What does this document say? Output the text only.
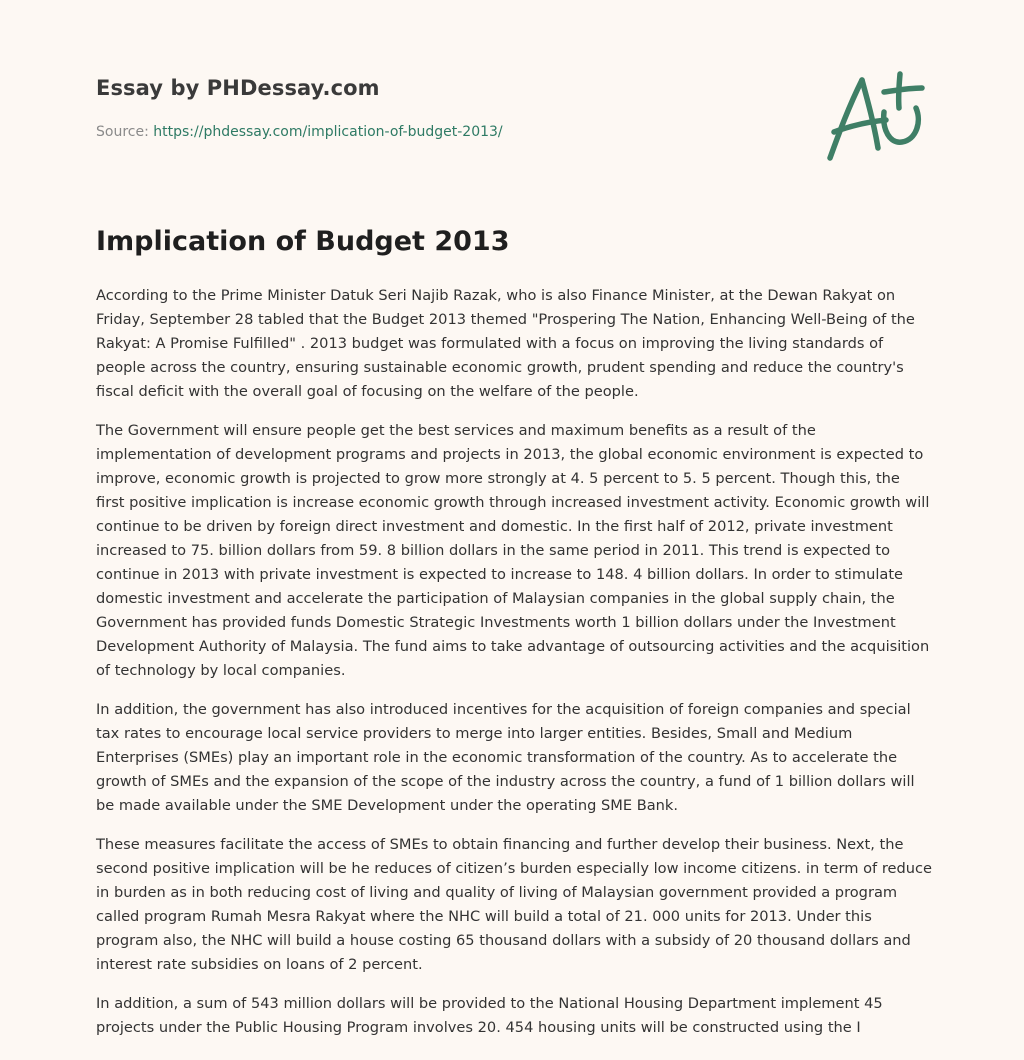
Essay by PHDessay.com
Source: https://phdessay.com/implication-of-budget-2013/
Implication of Budget 2013

According to the Prime Minister Datuk Seri Najib Razak, who is also Finance Minister, at the Dewan Rakyat on Friday, September 28 tabled that the Budget 2013 themed "Prospering The Nation, Enhancing Well-Being of the Rakyat: A Promise Fulfilled" . 2013 budget was formulated with a focus on improving the living standards of people across the country, ensuring sustainable economic growth, prudent spending and reduce the country's fiscal deficit with the overall goal of focusing on the welfare of the people.

The Government will ensure people get the best services and maximum benefits as a result of the implementation of development programs and projects in 2013, the global economic environment is expected to improve, economic growth is projected to grow more strongly at 4. 5 percent to 5. 5 percent. Though this, the first positive implication is increase economic growth through increased investment activity. Economic growth will continue to be driven by foreign direct investment and domestic. In the first half of 2012, private investment increased to 75. billion dollars from 59. 8 billion dollars in the same period in 2011. This trend is expected to continue in 2013 with private investment is expected to increase to 148. 4 billion dollars. In order to stimulate domestic investment and accelerate the participation of Malaysian companies in the global supply chain, the Government has provided funds Domestic Strategic Investments worth 1 billion dollars under the Investment Development Authority of Malaysia. The fund aims to take advantage of outsourcing activities and the acquisition of technology by local companies.

In addition, the government has also introduced incentives for the acquisition of foreign companies and special tax rates to encourage local service providers to merge into larger entities. Besides, Small and Medium Enterprises (SMEs) play an important role in the economic transformation of the country. As to accelerate the growth of SMEs and the expansion of the scope of the industry across the country, a fund of 1 billion dollars will be made available under the SME Development under the operating SME Bank.

These measures facilitate the access of SMEs to obtain financing and further develop their business. Next, the second positive implication will be he reduces of citizen’s burden especially low income citizens. in term of reduce in burden as in both reducing cost of living and quality of living of Malaysian government provided a program called program Rumah Mesra Rakyat where the NHC will build a total of 21. 000 units for 2013. Under this program also, the NHC will build a house costing 65 thousand dollars with a subsidy of 20 thousand dollars and interest rate subsidies on loans of 2 percent.

In addition, a sum of 543 million dollars will be provided to the National Housing Department implement 45 projects under the Public Housing Program involves 20. 454 housing units will be constructed using the I
